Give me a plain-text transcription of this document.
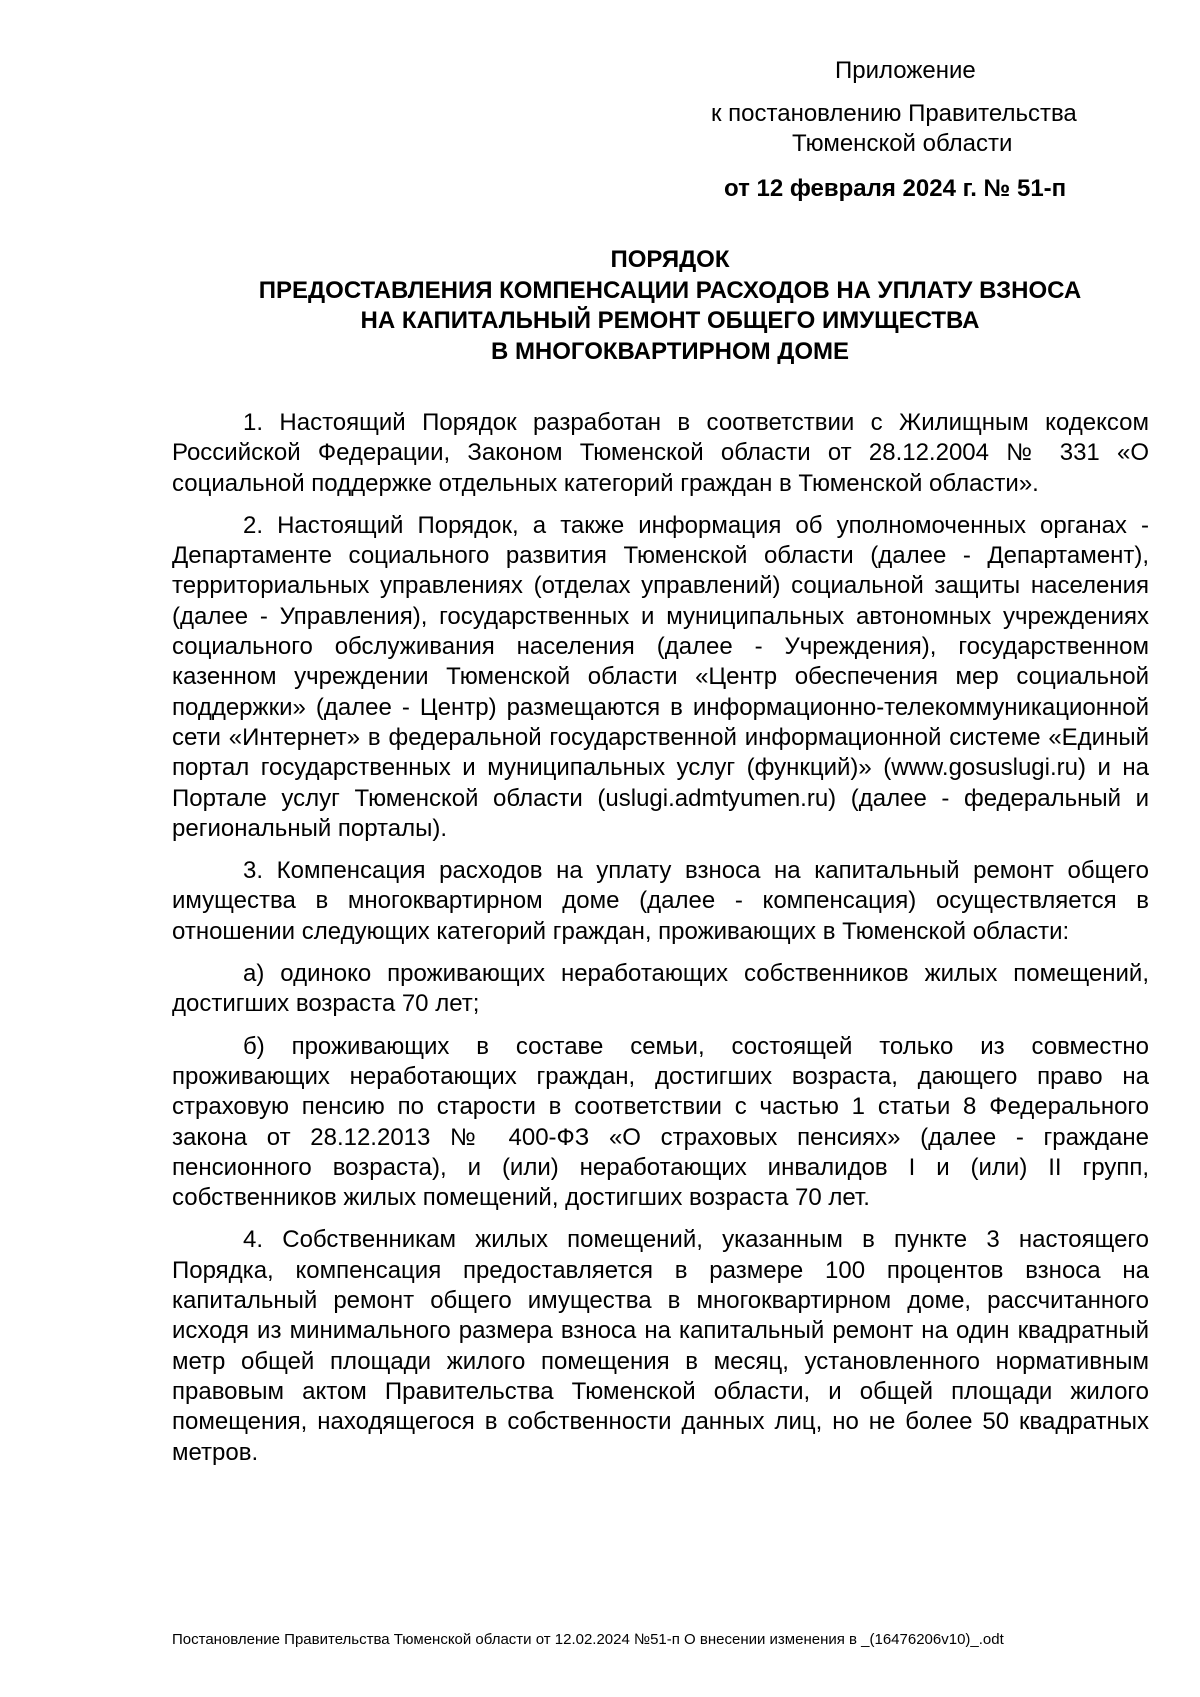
Приложение
к постановлению Правительства
Тюменской области
от 12 февраля 2024 г. № 51-п
ПОРЯДОК
ПРЕДОСТАВЛЕНИЯ КОМПЕНСАЦИИ РАСХОДОВ НА УПЛАТУ ВЗНОСА
НА КАПИТАЛЬНЫЙ РЕМОНТ ОБЩЕГО ИМУЩЕСТВА
В МНОГОКВАРТИРНОМ ДОМЕ

1. Настоящий Порядок разработан в соответствии с Жилищным кодексом Российской Федерации, Законом Тюменской области от 28.12.2004 № 331 «О социальной поддержке отдельных категорий граждан в Тюменской области».

2. Настоящий Порядок, а также информация об уполномоченных органах - Департаменте социального развития Тюменской области (далее - Департамент), территориальных управлениях (отделах управлений) социальной защиты населения (далее - Управления), государственных и муниципальных автономных учреждениях социального обслуживания населения (далее - Учреждения), государственном казенном учреждении Тюменской области «Центр обеспечения мер социальной поддержки» (далее - Центр) размещаются в информационно-телекоммуникационной сети «Интернет» в федеральной государственной информационной системе «Единый портал государственных и муниципальных услуг (функций)» (www.gosuslugi.ru) и на Портале услуг Тюменской области (uslugi.admtyumen.ru) (далее - федеральный и региональный порталы).

3. Компенсация расходов на уплату взноса на капитальный ремонт общего имущества в многоквартирном доме (далее - компенсация) осуществляется в отношении следующих категорий граждан, проживающих в Тюменской области:

а) одиноко проживающих неработающих собственников жилых помещений, достигших возраста 70 лет;

б) проживающих в составе семьи, состоящей только из совместно проживающих неработающих граждан, достигших возраста, дающего право на страховую пенсию по старости в соответствии с частью 1 статьи 8 Федерального закона от 28.12.2013 № 400-ФЗ «О страховых пенсиях» (далее - граждане пенсионного возраста), и (или) неработающих инвалидов I и (или) II групп, собственников жилых помещений, достигших возраста 70 лет.

4. Собственникам жилых помещений, указанным в пункте 3 настоящего Порядка, компенсация предоставляется в размере 100 процентов взноса на капитальный ремонт общего имущества в многоквартирном доме, рассчитанного исходя из минимального размера взноса на капитальный ремонт на один квадратный метр общей площади жилого помещения в месяц, установленного нормативным правовым актом Правительства Тюменской области, и общей площади жилого помещения, находящегося в собственности данных лиц, но не более 50 квадратных метров.

Постановление Правительства Тюменской области от 12.02.2024 №51-п О внесении изменения в _(16476206v10)_.odt
